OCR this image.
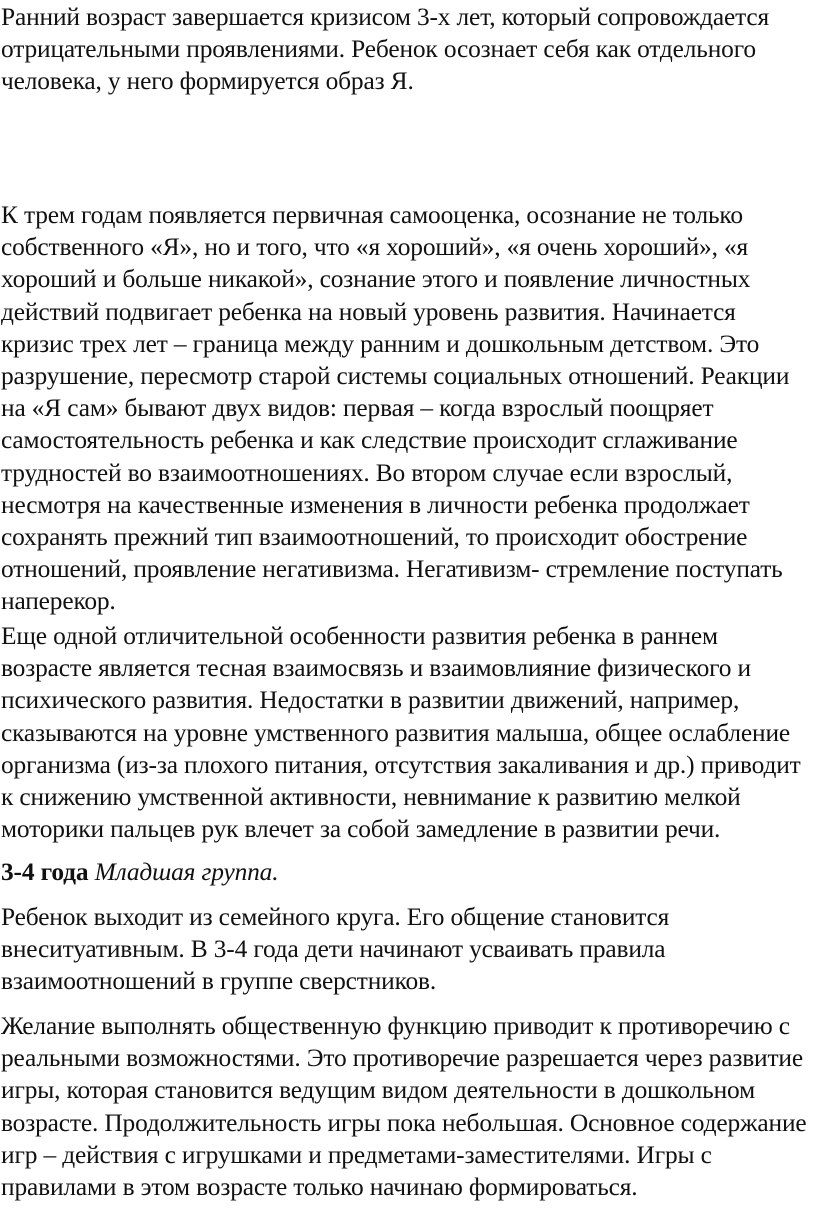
Ранний возраст завершается кризисом 3-х лет, который сопровождается
отрицательными проявлениями. Ребенок осознает себя как отдельного
человека, у него формируется образ Я.

К трем годам появляется первичная самооценка, осознание не только
собственного «Я», но и того, что «я хороший», «я очень хороший», «я
хороший и больше никакой», сознание этого и появление личностных
действий подвигает ребенка на новый уровень развития. Начинается
кризис трех лет – граница между ранним и дошкольным детством. Это
разрушение, пересмотр старой системы социальных отношений. Реакции
на «Я сам» бывают двух видов: первая – когда взрослый поощряет
самостоятельность ребенка и как следствие происходит сглаживание
трудностей во взаимоотношениях. Во втором случае если взрослый,
несмотря на качественные изменения в личности ребенка продолжает
сохранять прежний тип взаимоотношений, то происходит обострение
отношений, проявление негативизма. Негативизм- стремление поступать
наперекор.

Еще одной отличительной особенности развития ребенка в раннем
возрасте является тесная взаимосвязь и взаимовлияние физического и
психического развития. Недостатки в развитии движений, например,
сказываются на уровне умственного развития малыша, общее ослабление
организма (из-за плохого питания, отсутствия закаливания и др.) приводит
к снижению умственной активности, невнимание к развитию мелкой
моторики пальцев рук влечет за собой замедление в развитии речи.

3-4 года Младшая группа.

Ребенок выходит из семейного круга. Его общение становится
внеситуативным. В 3-4 года дети начинают усваивать правила
взаимоотношений в группе сверстников.

Желание выполнять общественную функцию приводит к противоречию с
реальными возможностями. Это противоречие разрешается через развитие
игры, которая становится ведущим видом деятельности в дошкольном
возрасте. Продолжительность игры пока небольшая. Основное содержание
игр – действия с игрушками и предметами-заместителями. Игры с
правилами в этом возрасте только начинаю формироваться.
